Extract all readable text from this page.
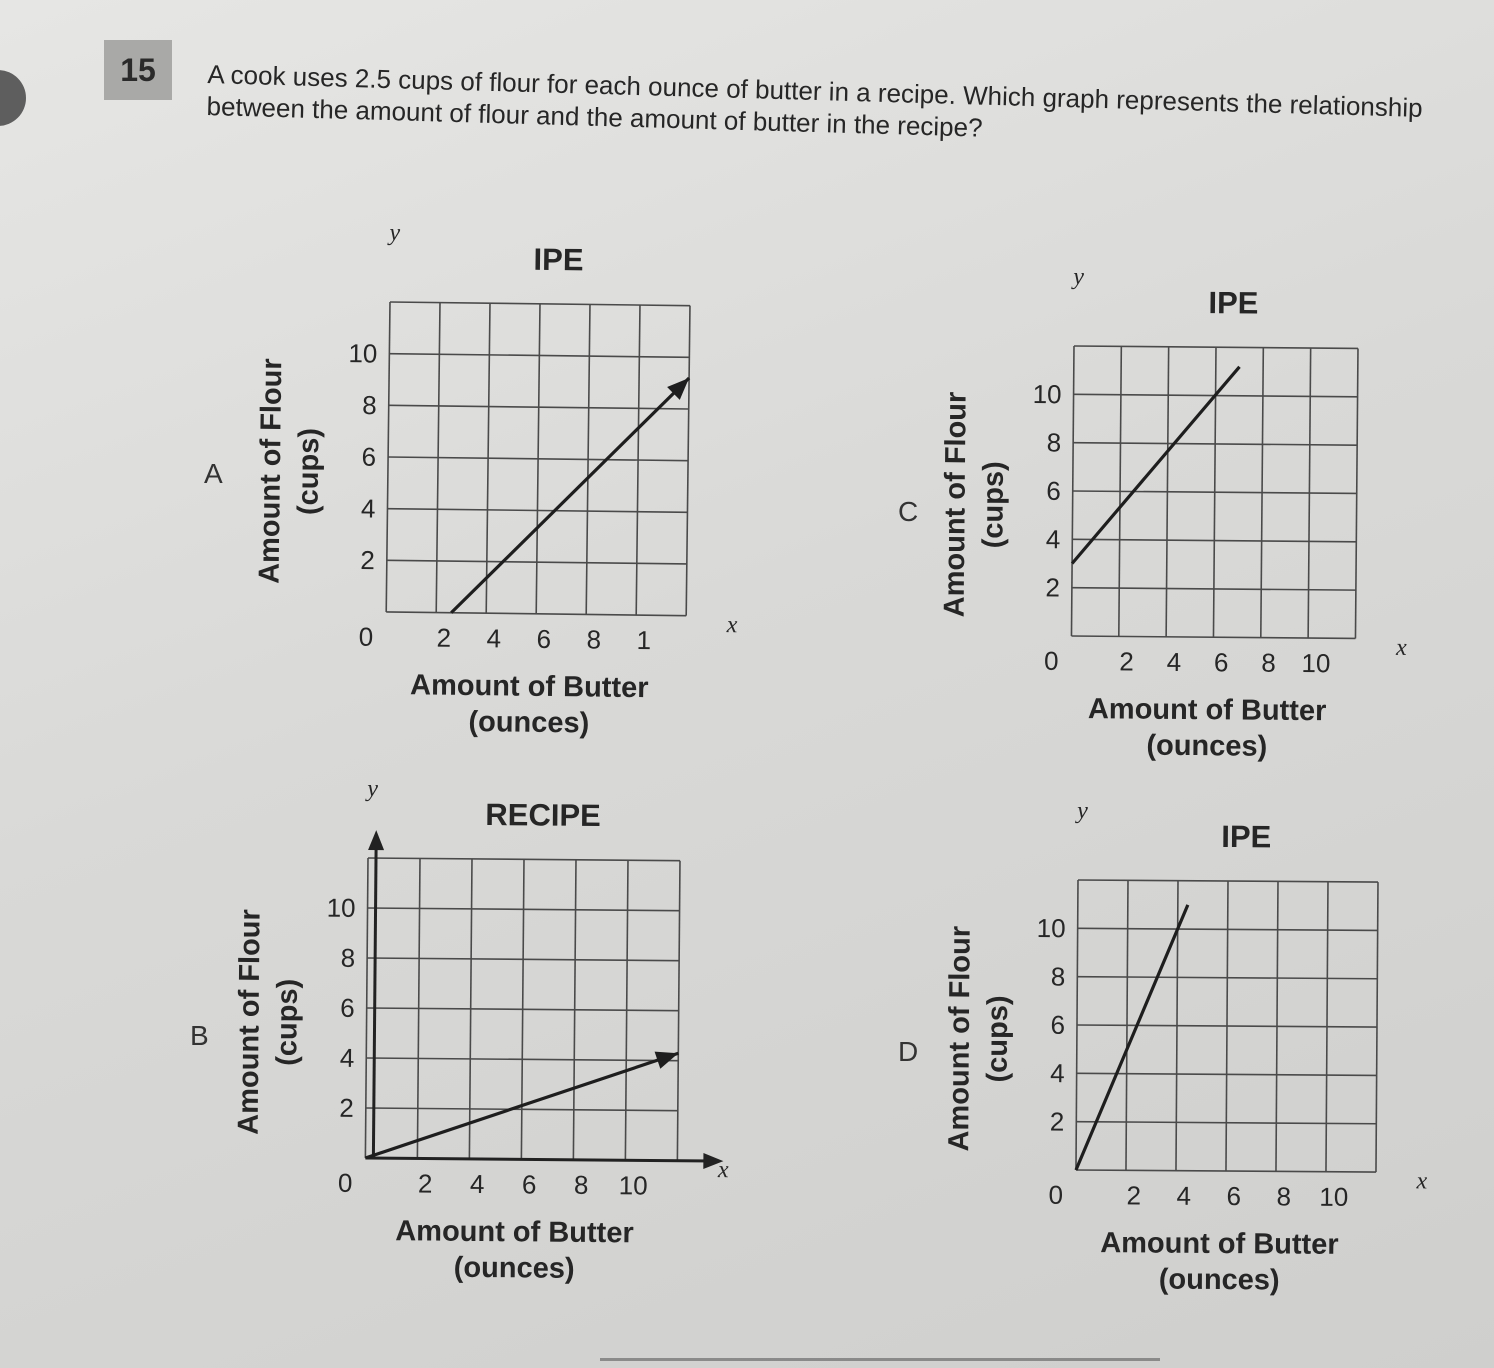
15	A cook uses 2.5 cups of flour for each ounce of butter in a recipe. Which graph represents the relationship between the amount of flour and the amount of butter in the recipe?
A
B
C
D
IPE
y
x
0 2 4 6 8 1
2
4
6
8
10
Amount of Butter
(ounces)
Amount of Flour (cups)
RECIPE
y
x
0	2 4 6 8 10
2
4
6
8
10
Amount of Butter
(ounces)
Amount of Flour (cups)
IPE
y
x
0 2 4 6 8 10
2
4
6
8
10
Amount of Butter
(ounces)
Amount of Flour (cups)
IPE
y
x
0 2 4 6 8 10
2
4
6
8
10
Amount of Butter
(ounces)
Amount of Flour (cups)
